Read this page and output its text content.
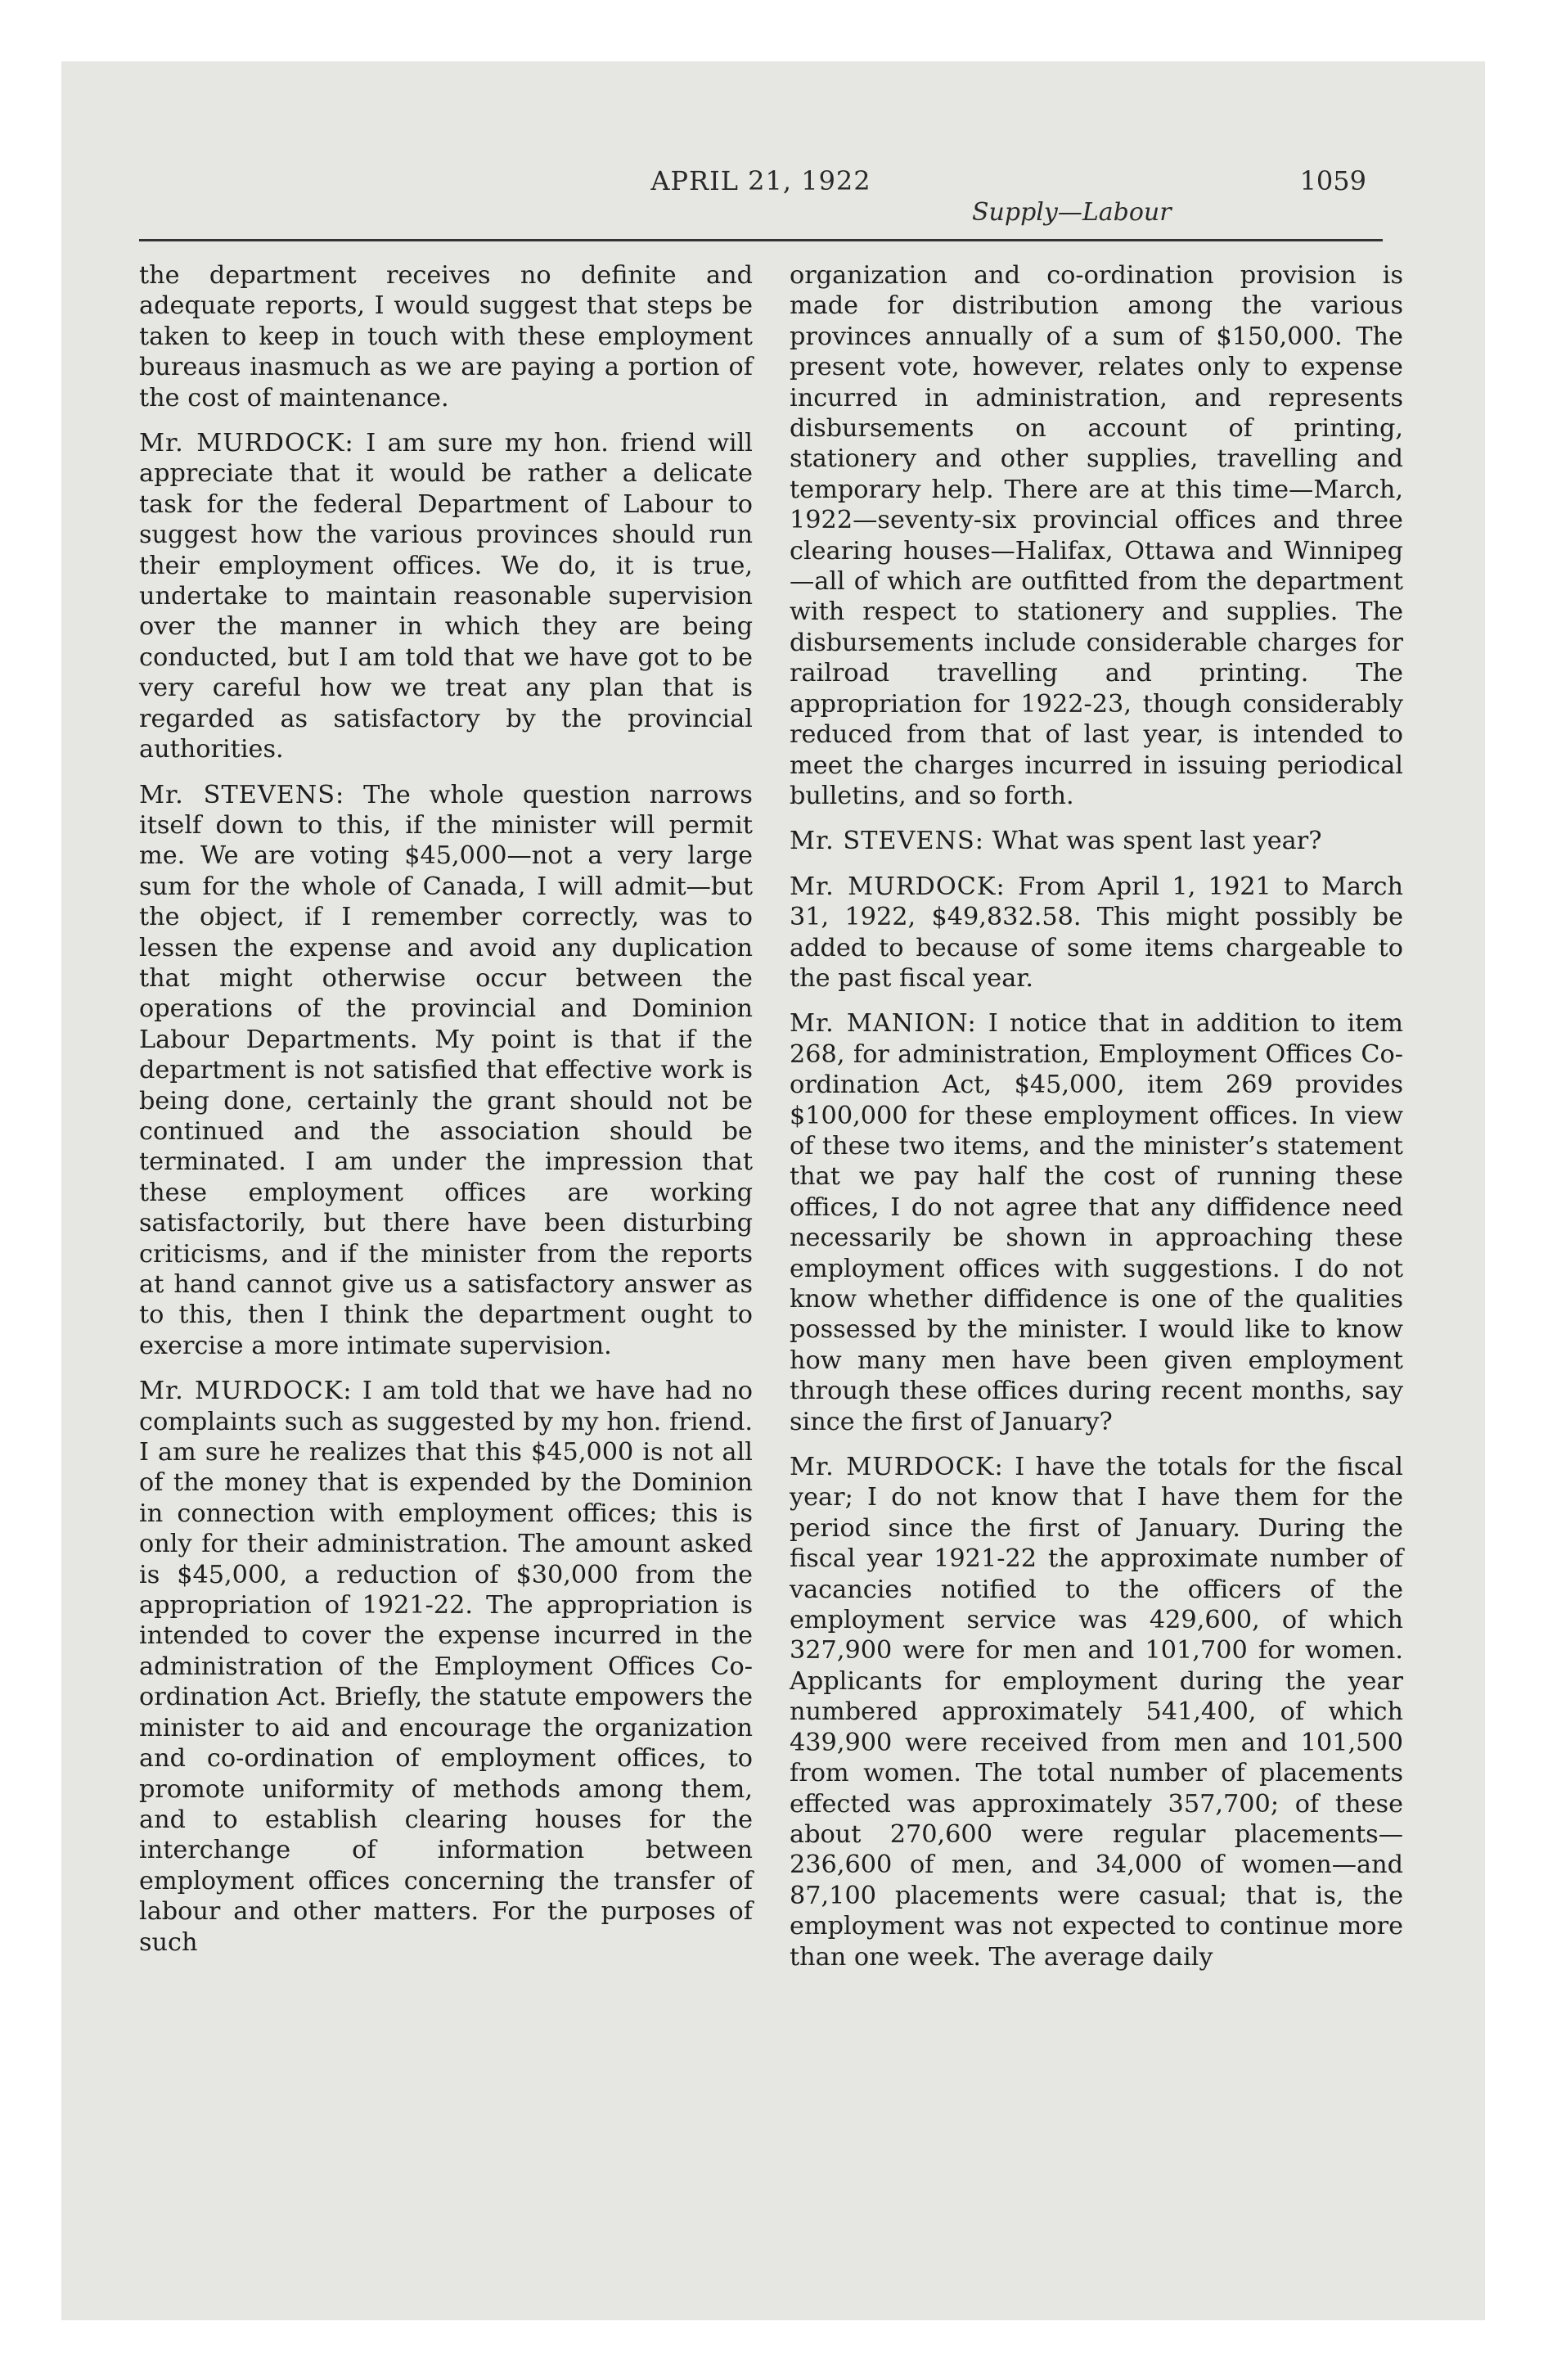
APRIL 21, 1922	1059
Supply—Labour

the department receives no definite and adequate reports, I would suggest that steps be taken to keep in touch with these employment bureaus inasmuch as we are paying a portion of the cost of maintenance.

Mr. MURDOCK: I am sure my hon. friend will appreciate that it would be rather a delicate task for the federal Department of Labour to suggest how the various provinces should run their employment offices. We do, it is true, undertake to maintain reasonable supervision over the manner in which they are being conducted, but I am told that we have got to be very careful how we treat any plan that is regarded as satisfactory by the provincial authorities.

Mr. STEVENS: The whole question narrows itself down to this, if the minister will permit me. We are voting $45,000—not a very large sum for the whole of Canada, I will admit—but the object, if I remember correctly, was to lessen the expense and avoid any duplication that might otherwise occur between the operations of the provincial and Dominion Labour Departments. My point is that if the department is not satisfied that effective work is being done, certainly the grant should not be continued and the association should be terminated. I am under the impression that these employment offices are working satisfactorily, but there have been disturbing criticisms, and if the minister from the reports at hand cannot give us a satisfactory answer as to this, then I think the department ought to exercise a more intimate supervision.

Mr. MURDOCK: I am told that we have had no complaints such as suggested by my hon. friend. I am sure he realizes that this $45,000 is not all of the money that is expended by the Dominion in connection with employment offices; this is only for their administration. The amount asked is $45,000, a reduction of $30,000 from the appropriation of 1921-22. The appropriation is intended to cover the expense incurred in the administration of the Employment Offices Co-ordination Act. Briefly, the statute empowers the minister to aid and encourage the organization and co-ordination of employment offices, to promote uniformity of methods among them, and to establish clearing houses for the interchange of information between employment offices concerning the transfer of labour and other matters. For the purposes of such

organization and co-ordination provision is made for distribution among the various provinces annually of a sum of $150,000. The present vote, however, relates only to expense incurred in administration, and represents disbursements on account of printing, stationery and other supplies, travelling and temporary help. There are at this time—March, 1922—seventy-six provincial offices and three clearing houses—Halifax, Ottawa and Winnipeg—all of which are outfitted from the department with respect to stationery and supplies. The disbursements include considerable charges for railroad travelling and printing. The appropriation for 1922-23, though considerably reduced from that of last year, is intended to meet the charges incurred in issuing periodical bulletins, and so forth.

Mr. STEVENS: What was spent last year?

Mr. MURDOCK: From April 1, 1921 to March 31, 1922, $49,832.58. This might possibly be added to because of some items chargeable to the past fiscal year.

Mr. MANION: I notice that in addition to item 268, for administration, Employment Offices Co-ordination Act, $45,000, item 269 provides $100,000 for these employment offices. In view of these two items, and the minister’s statement that we pay half the cost of running these offices, I do not agree that any diffidence need necessarily be shown in approaching these employment offices with suggestions. I do not know whether diffidence is one of the qualities possessed by the minister. I would like to know how many men have been given employment through these offices during recent months, say since the first of January?

Mr. MURDOCK: I have the totals for the fiscal year; I do not know that I have them for the period since the first of January. During the fiscal year 1921-22 the approximate number of vacancies notified to the officers of the employment service was 429,600, of which 327,900 were for men and 101,700 for women. Applicants for employment during the year numbered approximately 541,400, of which 439,900 were received from men and 101,500 from women. The total number of placements effected was approximately 357,700; of these about 270,600 were regular placements—236,600 of men, and 34,000 of women—and 87,100 placements were casual; that is, the employment was not expected to continue more than one week. The average daily
